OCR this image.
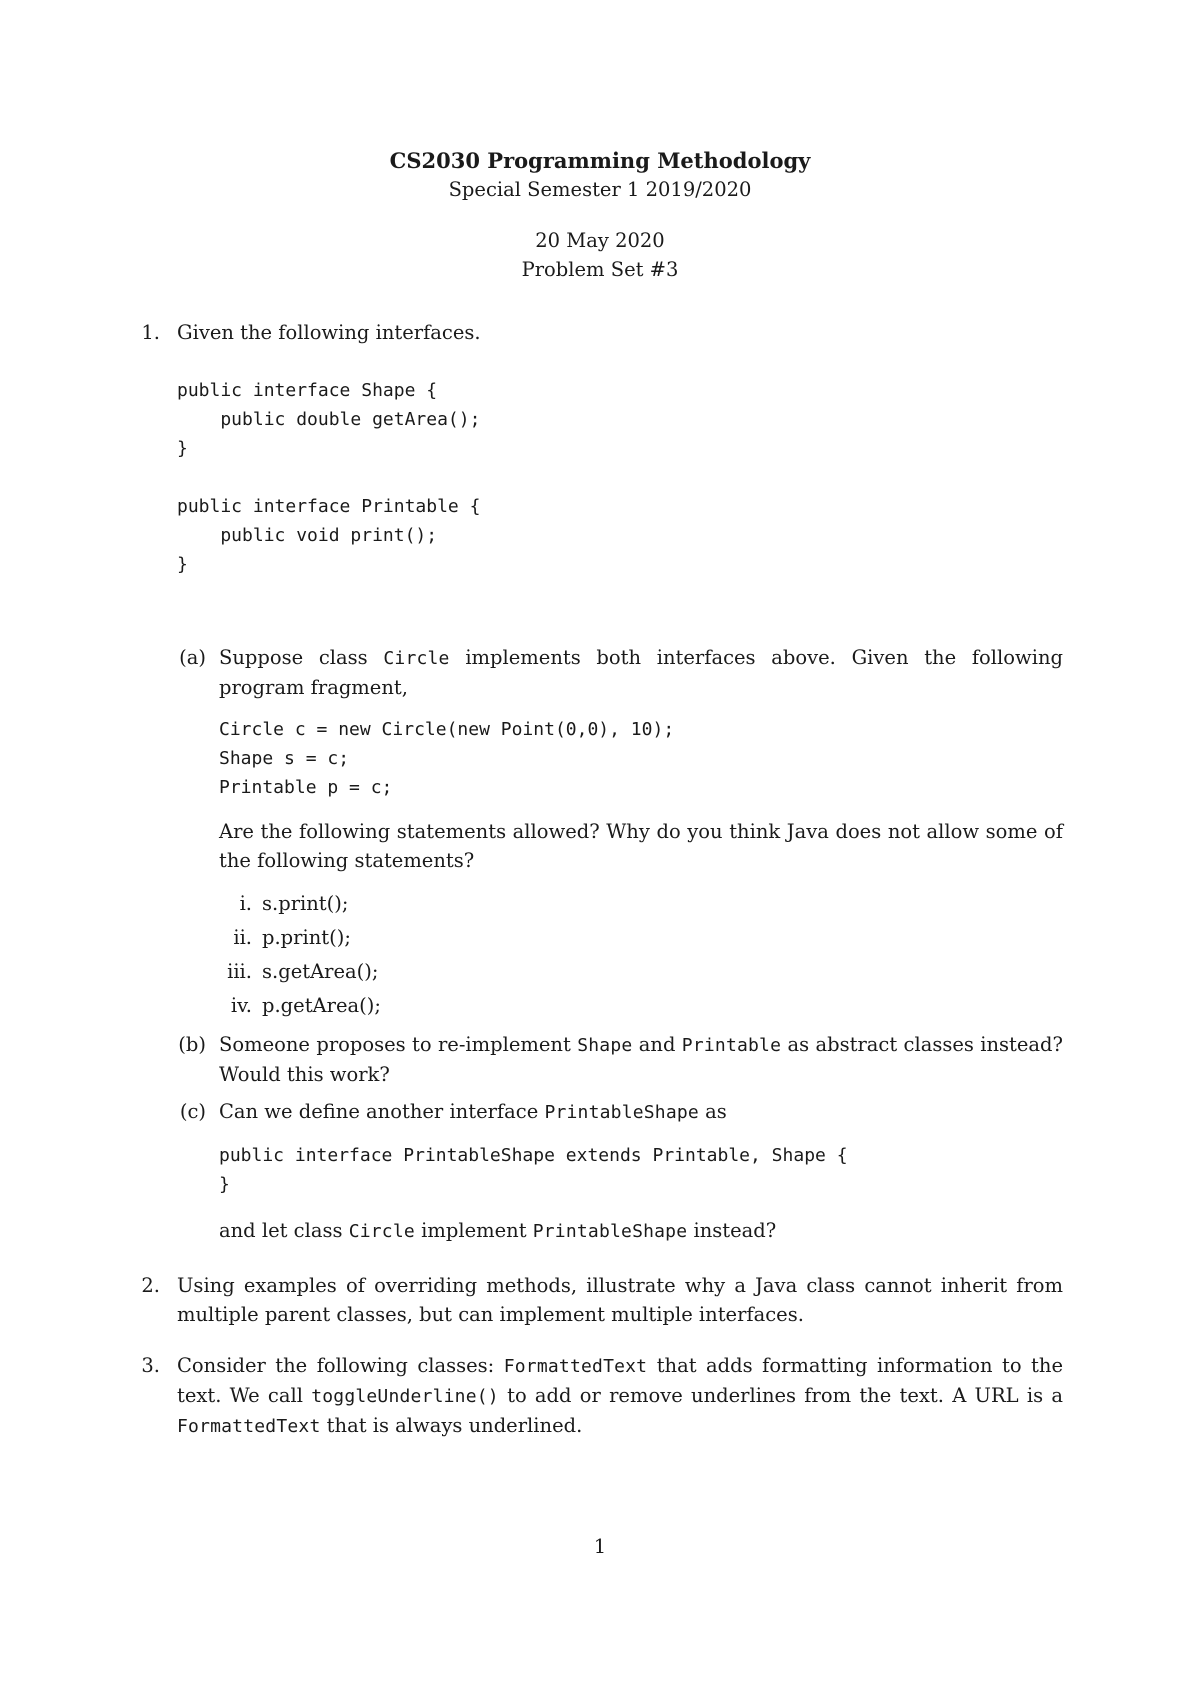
CS2030 Programming Methodology
Special Semester 1 2019/2020
20 May 2020
Problem Set #3
1. Given the following interfaces.
public interface Shape {
public double getArea();
}

public interface Printable {
public void print();
}
(a) Suppose class Circle implements both interfaces above. Given the following program fragment,
Circle c = new Circle(new Point(0,0), 10);
Shape s = c;
Printable p = c;
Are the following statements allowed? Why do you think Java does not allow some of the following statements?
i. s.print();
ii. p.print();
iii. s.getArea();
iv. p.getArea();
(b) Someone proposes to re-implement Shape and Printable as abstract classes instead? Would this work?
(c) Can we define another interface PrintableShape as
public interface PrintableShape extends Printable, Shape {
}
and let class Circle implement PrintableShape instead?
2. Using examples of overriding methods, illustrate why a Java class cannot inherit from multiple parent classes, but can implement multiple interfaces.
3. Consider the following classes: FormattedText that adds formatting information to the text. We call toggleUnderline() to add or remove underlines from the text. A URL is a FormattedText that is always underlined.
1
